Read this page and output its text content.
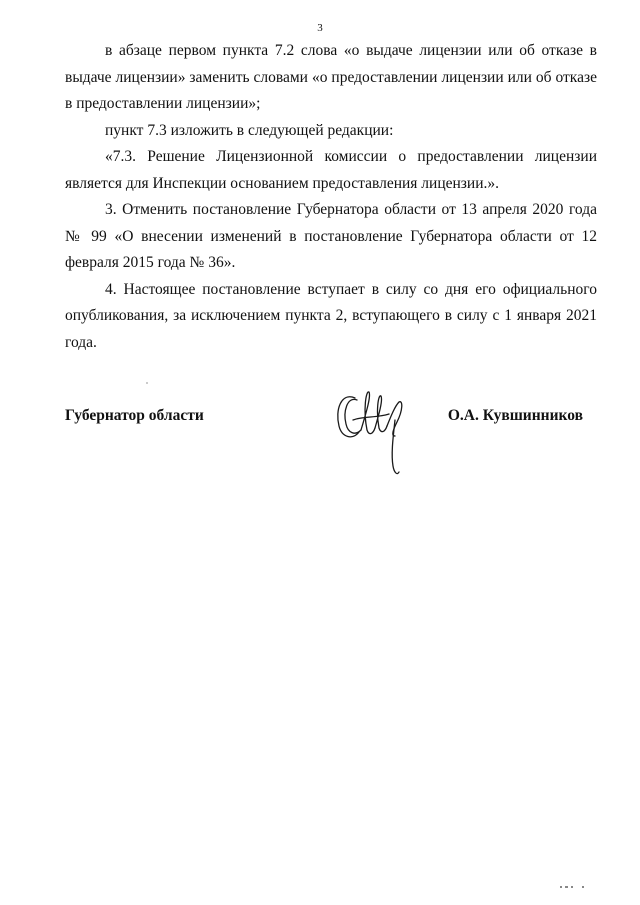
3

в абзаце первом пункта 7.2 слова «о выдаче лицензии или об отказе в выдаче лицензии» заменить словами «о предоставлении лицензии или об отказе в предоставлении лицензии»;

пункт 7.3 изложить в следующей редакции:

«7.3. Решение Лицензионной комиссии о предоставлении лицензии является для Инспекции основанием предоставления лицензии.».

3. Отменить постановление Губернатора области от 13 апреля 2020 года № 99 «О внесении изменений в постановление Губернатора области от 12 февраля 2015 года № 36».

4. Настоящее постановление вступает в силу со дня его официального опубликования, за исключением пункта 2, вступающего в силу с 1 января 2021 года.

Губернатор области	О.А. Кувшинников
